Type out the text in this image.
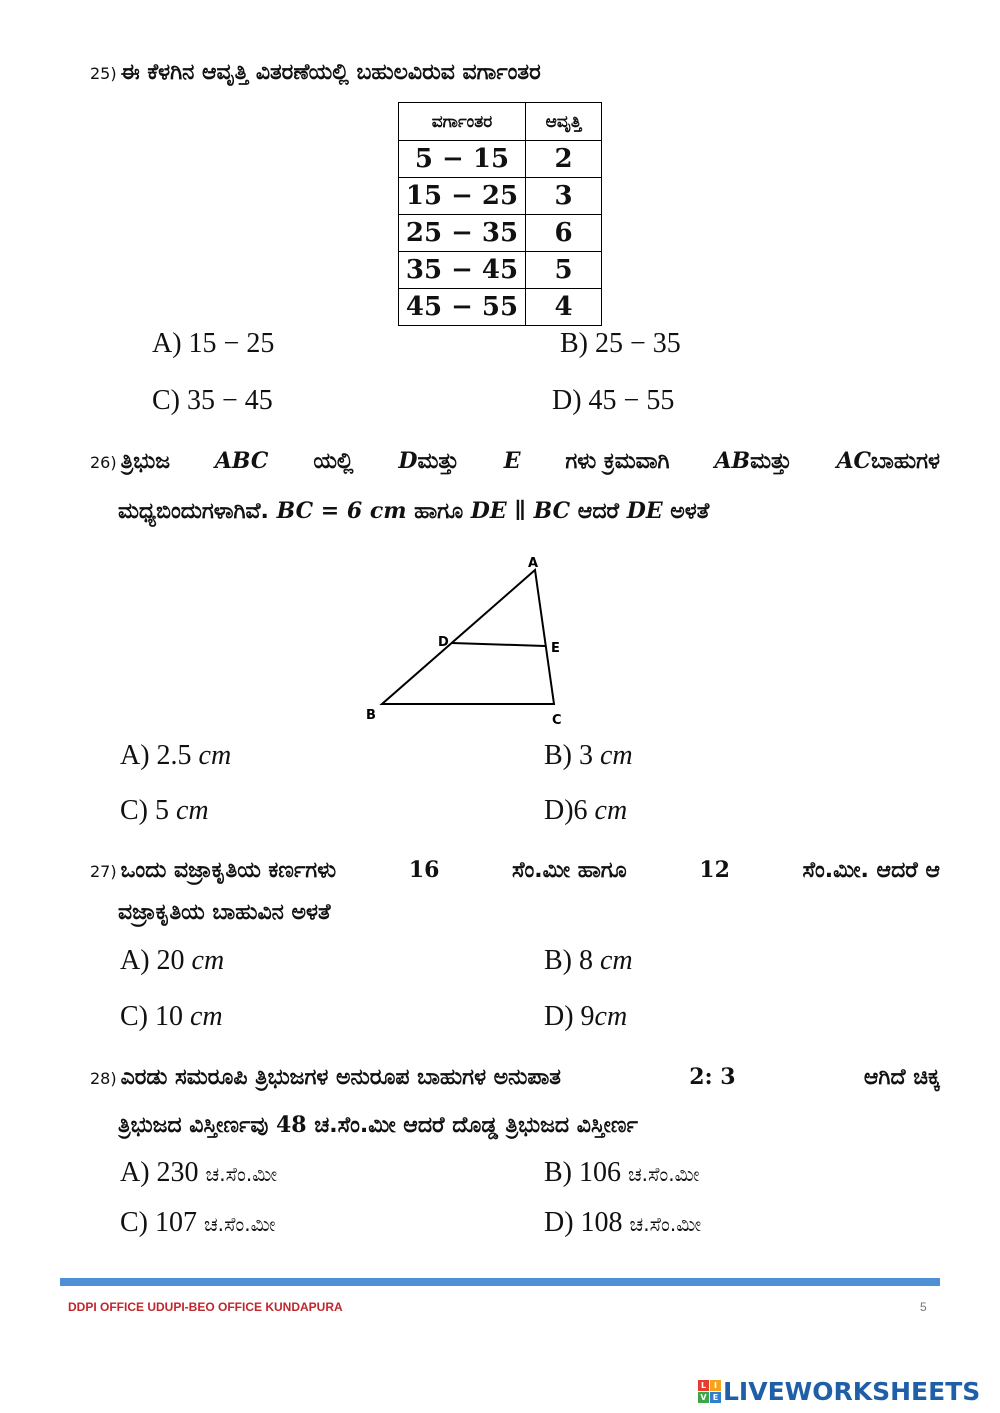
25) ಈ ಕೆಳಗಿನ ಆವೃತ್ತಿ ವಿತರಣೆಯಲ್ಲಿ ಬಹುಲವಿರುವ ವರ್ಗಾಂತರ
ವರ್ಗಾಂತರ	ಆವೃತ್ತಿ
5 − 15	2
15 − 25	3
25 − 35	6
35 − 45	5
45 − 55	4
A) 15 − 25	B) 25 − 35
C) 35 − 45	D) 45 − 55
26) ತ್ರಿಭುಜ ABC ಯಲ್ಲಿ Dಮತ್ತು E ಗಳು ಕ್ರಮವಾಗಿ ABಮತ್ತು ACಬಾಹುಗಳ
ಮಧ್ಯಬಿಂದುಗಳಾಗಿವೆ. BC = 6 cm ಹಾಗೂ DE ∥ BC ಆದರೆ DE ಅಳತೆ
A
B	C
D	E
A) 2.5 cm	B) 3 cm
C) 5 cm	D)6 cm
27) ಒಂದು ವಜ್ರಾಕೃತಿಯ ಕರ್ಣಗಳು	16	ಸೆಂ.ಮೀ ಹಾಗೂ	12	ಸೆಂ.ಮೀ. ಆದರೆ ಆ
ವಜ್ರಾಕೃತಿಯ ಬಾಹುವಿನ ಅಳತೆ
A) 20 cm	B) 8 cm
C) 10 cm	D) 9cm
28) ಎರಡು ಸಮರೂಪಿ ತ್ರಿಭುಜಗಳ ಅನುರೂಪ ಬಾಹುಗಳ ಅನುಪಾತ	2: 3	ಆಗಿದೆ ಚಿಕ್ಕ
ತ್ರಿಭುಜದ ವಿಸ್ತೀರ್ಣವು 48 ಚ.ಸೆಂ.ಮೀ ಆದರೆ ದೊಡ್ಡ ತ್ರಿಭುಜದ ವಿಸ್ತೀರ್ಣ
A) 230 ಚ.ಸೆಂ.ಮೀ	B) 106 ಚ.ಸೆಂ.ಮೀ
C) 107 ಚ.ಸೆಂ.ಮೀ	D) 108 ಚ.ಸೆಂ.ಮೀ
DDPI OFFICE UDUPI-BEO OFFICE KUNDAPURA	5
L I
V E LIVEWORKSHEETS
